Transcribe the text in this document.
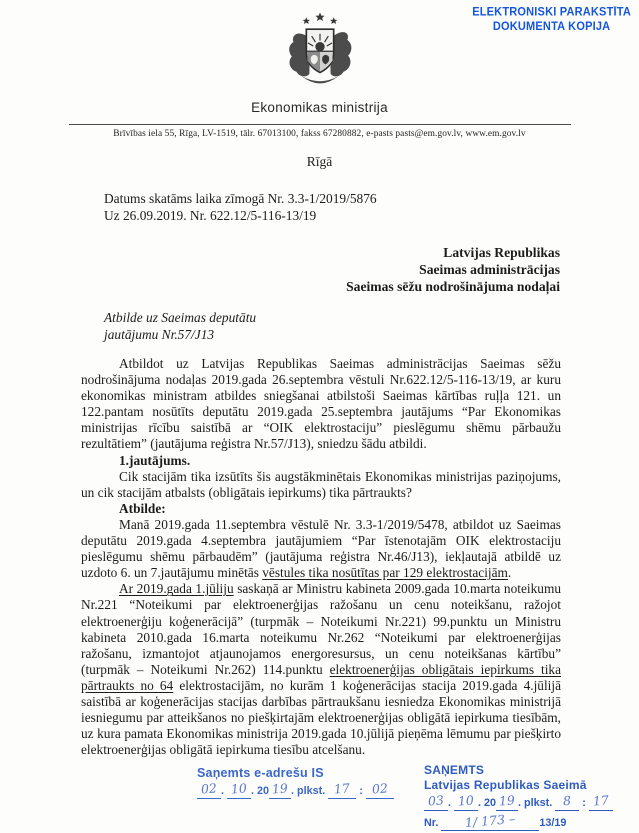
ELEKTRONISKI PARAKSTĪTA
DOKUMENTA KOPIJA
Ekonomikas ministrija
Brīvības iela 55, Rīga, LV-1519, tālr. 67013100, fakss 67280882, e-pasts pasts@em.gov.lv, www.em.gov.lv
Rīgā
Datums skatāms laika zīmogā Nr. 3.3-1/2019/5876
Uz 26.09.2019. Nr. 622.12/5-116-13/19
Latvijas Republikas
Saeimas administrācijas
Saeimas sēžu nodrošinājuma nodaļai
Atbilde uz Saeimas deputātu
jautājumu Nr.57/J13

Atbildot uz Latvijas Republikas Saeimas administrācijas Saeimas sēžu nodrošinājuma nodaļas 2019.gada 26.septembra vēstuli Nr.622.12/5-116-13/19, ar kuru ekonomikas ministram atbildes sniegšanai atbilstoši Saeimas kārtības ruļļa 121. un 122.pantam nosūtīts deputātu 2019.gada 25.septembra jautājums “Par Ekonomikas ministrijas rīcību saistībā ar “OIK elektrostaciju” pieslēgumu shēmu pārbaužu rezultātiem” (jautājuma reģistra Nr.57/J13), sniedzu šādu atbildi.

1.jautājums.

Cik stacijām tika izsūtīts šis augstākminētais Ekonomikas ministrijas paziņojums, un cik stacijām atbalsts (obligātais iepirkums) tika pārtraukts?

Atbilde:

Manā 2019.gada 11.septembra vēstulē Nr. 3.3-1/2019/5478, atbildot uz Saeimas deputātu 2019.gada 4.septembra jautājumiem “Par īstenotajām OIK elektrostaciju pieslēgumu shēmu pārbaudēm” (jautājuma reģistra Nr.46/J13), iekļautajā atbildē uz uzdoto 6. un 7.jautājumu minētās vēstules tika nosūtītas par 129 elektrostacijām.

Ar 2019.gada 1.jūliju saskaņā ar Ministru kabineta 2009.gada 10.marta noteikumu Nr.221 “Noteikumi par elektroenerģijas ražošanu un cenu noteikšanu, ražojot elektroenerģiju koģenerācijā” (turpmāk – Noteikumi Nr.221) 99.punktu un Ministru kabineta 2010.gada 16.marta noteikumu Nr.262 “Noteikumi par elektroenerģijas ražošanu, izmantojot atjaunojamos energoresursus, un cenu noteikšanas kārtību” (turpmāk – Noteikumi Nr.262) 114.punktu elektroenerģijas obligātais iepirkums tika pārtraukts no 64 elektrostacijām, no kurām 1 koģenerācijas stacija 2019.gada 4.jūlijā saistībā ar koģenerācijas stacijas darbības pārtraukšanu iesniedza Ekonomikas ministrijā iesniegumu par atteikšanos no piešķirtajām elektroenerģijas obligātā iepirkuma tiesībām, uz kura pamata Ekonomikas ministrija 2019.gada 10.jūlijā pieņēma lēmumu par piešķirto elektroenerģijas obligātā iepirkuma tiesību atcelšanu.

Saņemts e-adrešu IS
02 . 10 . 20 19 . plkst. 17 : 02
SAŅEMTS
Latvijas Republikas Saeimā
03 . 10 . 20 19 . plkst. 8 : 17
Nr. 1/ 173 – 13/19
